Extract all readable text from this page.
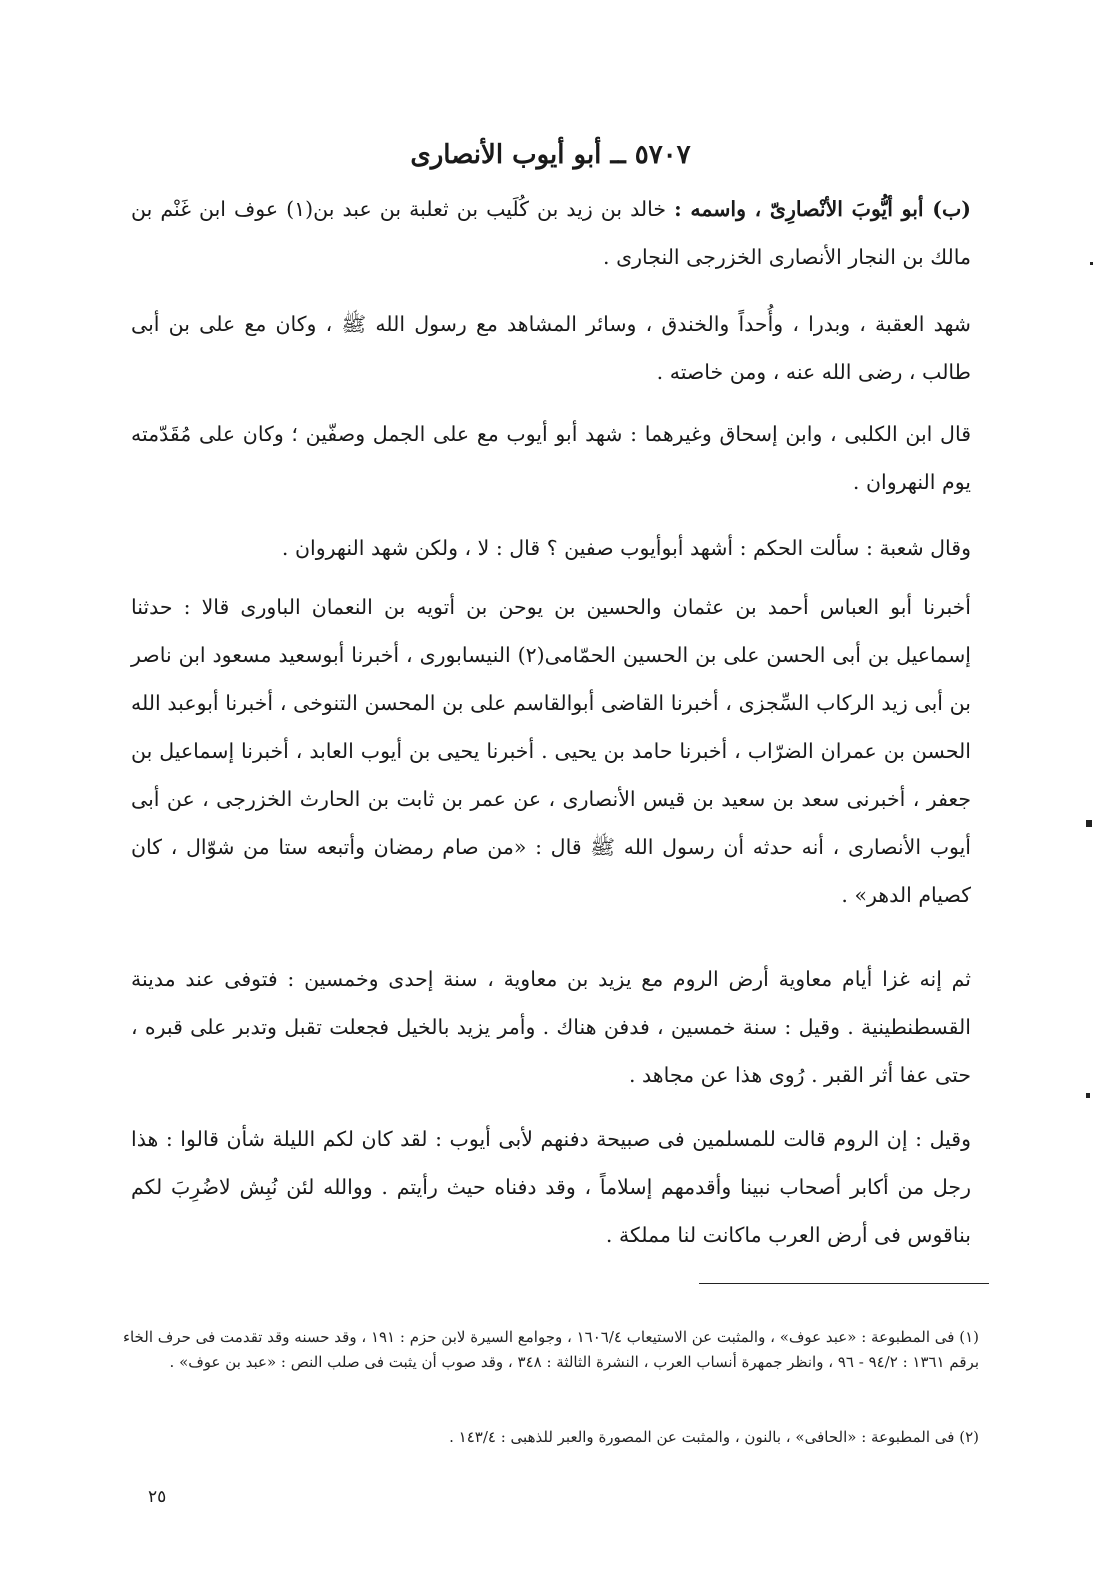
٥٧٠٧ ــ أبو أيوب الأنصارى

(ب) أبو أيُّوبَ الأنْصارِىّ ، واسمه : خالد بن زيد بن كُلَيب بن ثعلبة بن عبد بن(١) عوف ابن غَنْم بن مالك بن النجار الأنصارى الخزرجى النجارى .

شهد العقبة ، وبدرا ، وأُحداً والخندق ، وسائر المشاهد مع رسول الله ﷺ ، وكان مع على بن أبى طالب ، رضى الله عنه ، ومن خاصته .

قال ابن الكلبى ، وابن إسحاق وغيرهما : شهد أبو أيوب مع على الجمل وصفّين ؛ وكان على مُقَدّمته يوم النهروان .

وقال شعبة : سألت الحكم : أشهد أبوأيوب صفين ؟ قال : لا ، ولكن شهد النهروان .

أخبرنا أبو العباس أحمد بن عثمان والحسين بن يوحن بن أتويه بن النعمان الباورى قالا : حدثنا إسماعيل بن أبى الحسن على بن الحسين الحمّامى(٢) النيسابورى ، أخبرنا أبوسعيد مسعود ابن ناصر بن أبى زيد الركاب السِّجزى ، أخبرنا القاضى أبوالقاسم على بن المحسن التنوخى ، أخبرنا أبوعبد الله الحسن بن عمران الضرّاب ، أخبرنا حامد بن يحيى . أخبرنا يحيى بن أيوب العابد ، أخبرنا إسماعيل بن جعفر ، أخبرنى سعد بن سعيد بن قيس الأنصارى ، عن عمر بن ثابت بن الحارث الخزرجى ، عن أبى أيوب الأنصارى ، أنه حدثه أن رسول الله ﷺ قال : «من صام رمضان وأتبعه ستا من شوّال ، كان كصيام الدهر» .

ثم إنه غزا أيام معاوية أرض الروم مع يزيد بن معاوية ، سنة إحدى وخمسين : فتوفى عند مدينة القسطنطينية . وقيل : سنة خمسين ، فدفن هناك . وأمر يزيد بالخيل فجعلت تقبل وتدبر على قبره ، حتى عفا أثر القبر . رُوى هذا عن مجاهد .

وقيل : إن الروم قالت للمسلمين فى صبيحة دفنهم لأبى أيوب : لقد كان لكم الليلة شأن قالوا : هذا رجل من أكابر أصحاب نبينا وأقدمهم إسلاماً ، وقد دفناه حيث رأيتم . ووالله لئن نُبِش لاضُرِبَ لكم بناقوس فى أرض العرب ماكانت لنا مملكة .

(١) فى المطبوعة : «عبد عوف» ، والمثبت عن الاستيعاب ١٦٠٦/٤ ، وجوامع السيرة لابن حزم : ١٩١ ، وقد حسنه وقد تقدمت فى حرف الخاء برقم ١٣٦١ : ٩٤/٢ - ٩٦ ، وانظر جمهرة أنساب العرب ، النشرة الثالثة : ٣٤٨ ، وقد صوب أن يثبت فى صلب النص : «عبد بن عوف» .

(٢) فى المطبوعة : «الحافى» ، بالنون ، والمثبت عن المصورة والعبر للذهبى : ١٤٣/٤ .

٢٥
